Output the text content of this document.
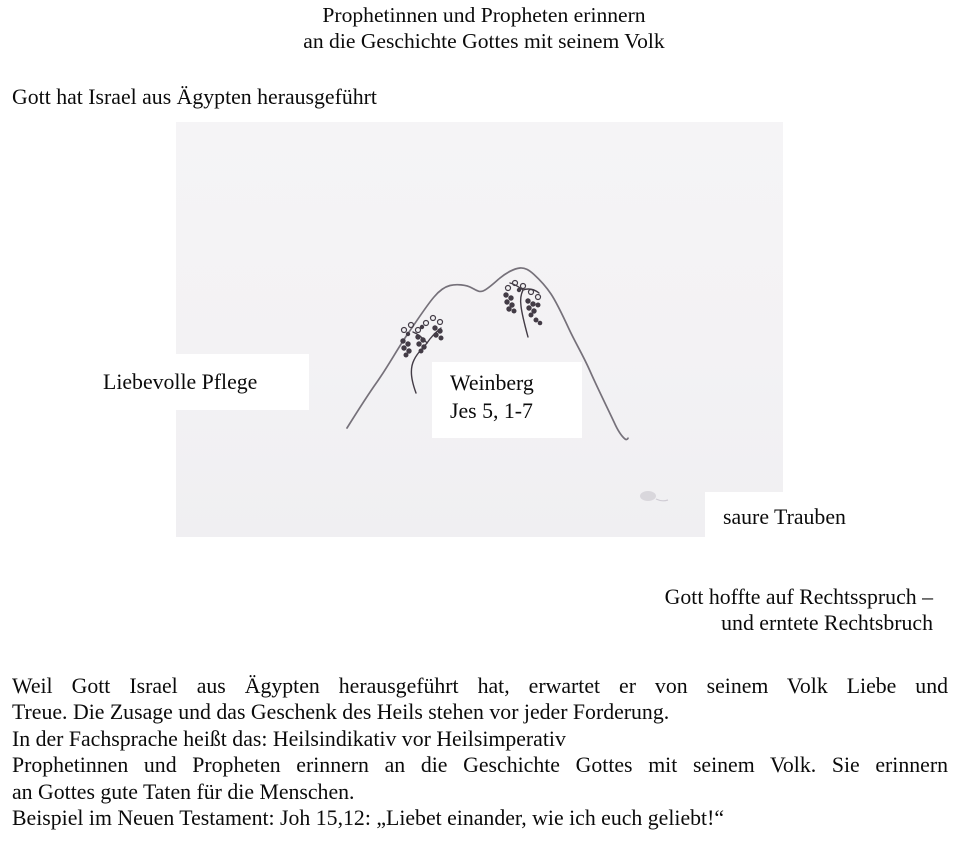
Prophetinnen und Propheten erinnern
an die Geschichte Gottes mit seinem Volk
Gott hat Israel aus Ägypten herausgeführt
Liebevolle Pflege	Weinberg
Jes 5, 1-7
saure Trauben
Gott hoffte auf Rechtsspruch –
und erntete Rechtsbruch
Weil Gott Israel aus Ägypten herausgeführt hat, erwartet er von seinem Volk Liebe und
Treue. Die Zusage und das Geschenk des Heils stehen vor jeder Forderung.
In der Fachsprache heißt das: Heilsindikativ vor Heilsimperativ
Prophetinnen und Propheten erinnern an die Geschichte Gottes mit seinem Volk. Sie erinnern
an Gottes gute Taten für die Menschen.
Beispiel im Neuen Testament: Joh 15,12: „Liebet einander, wie ich euch geliebt!“
